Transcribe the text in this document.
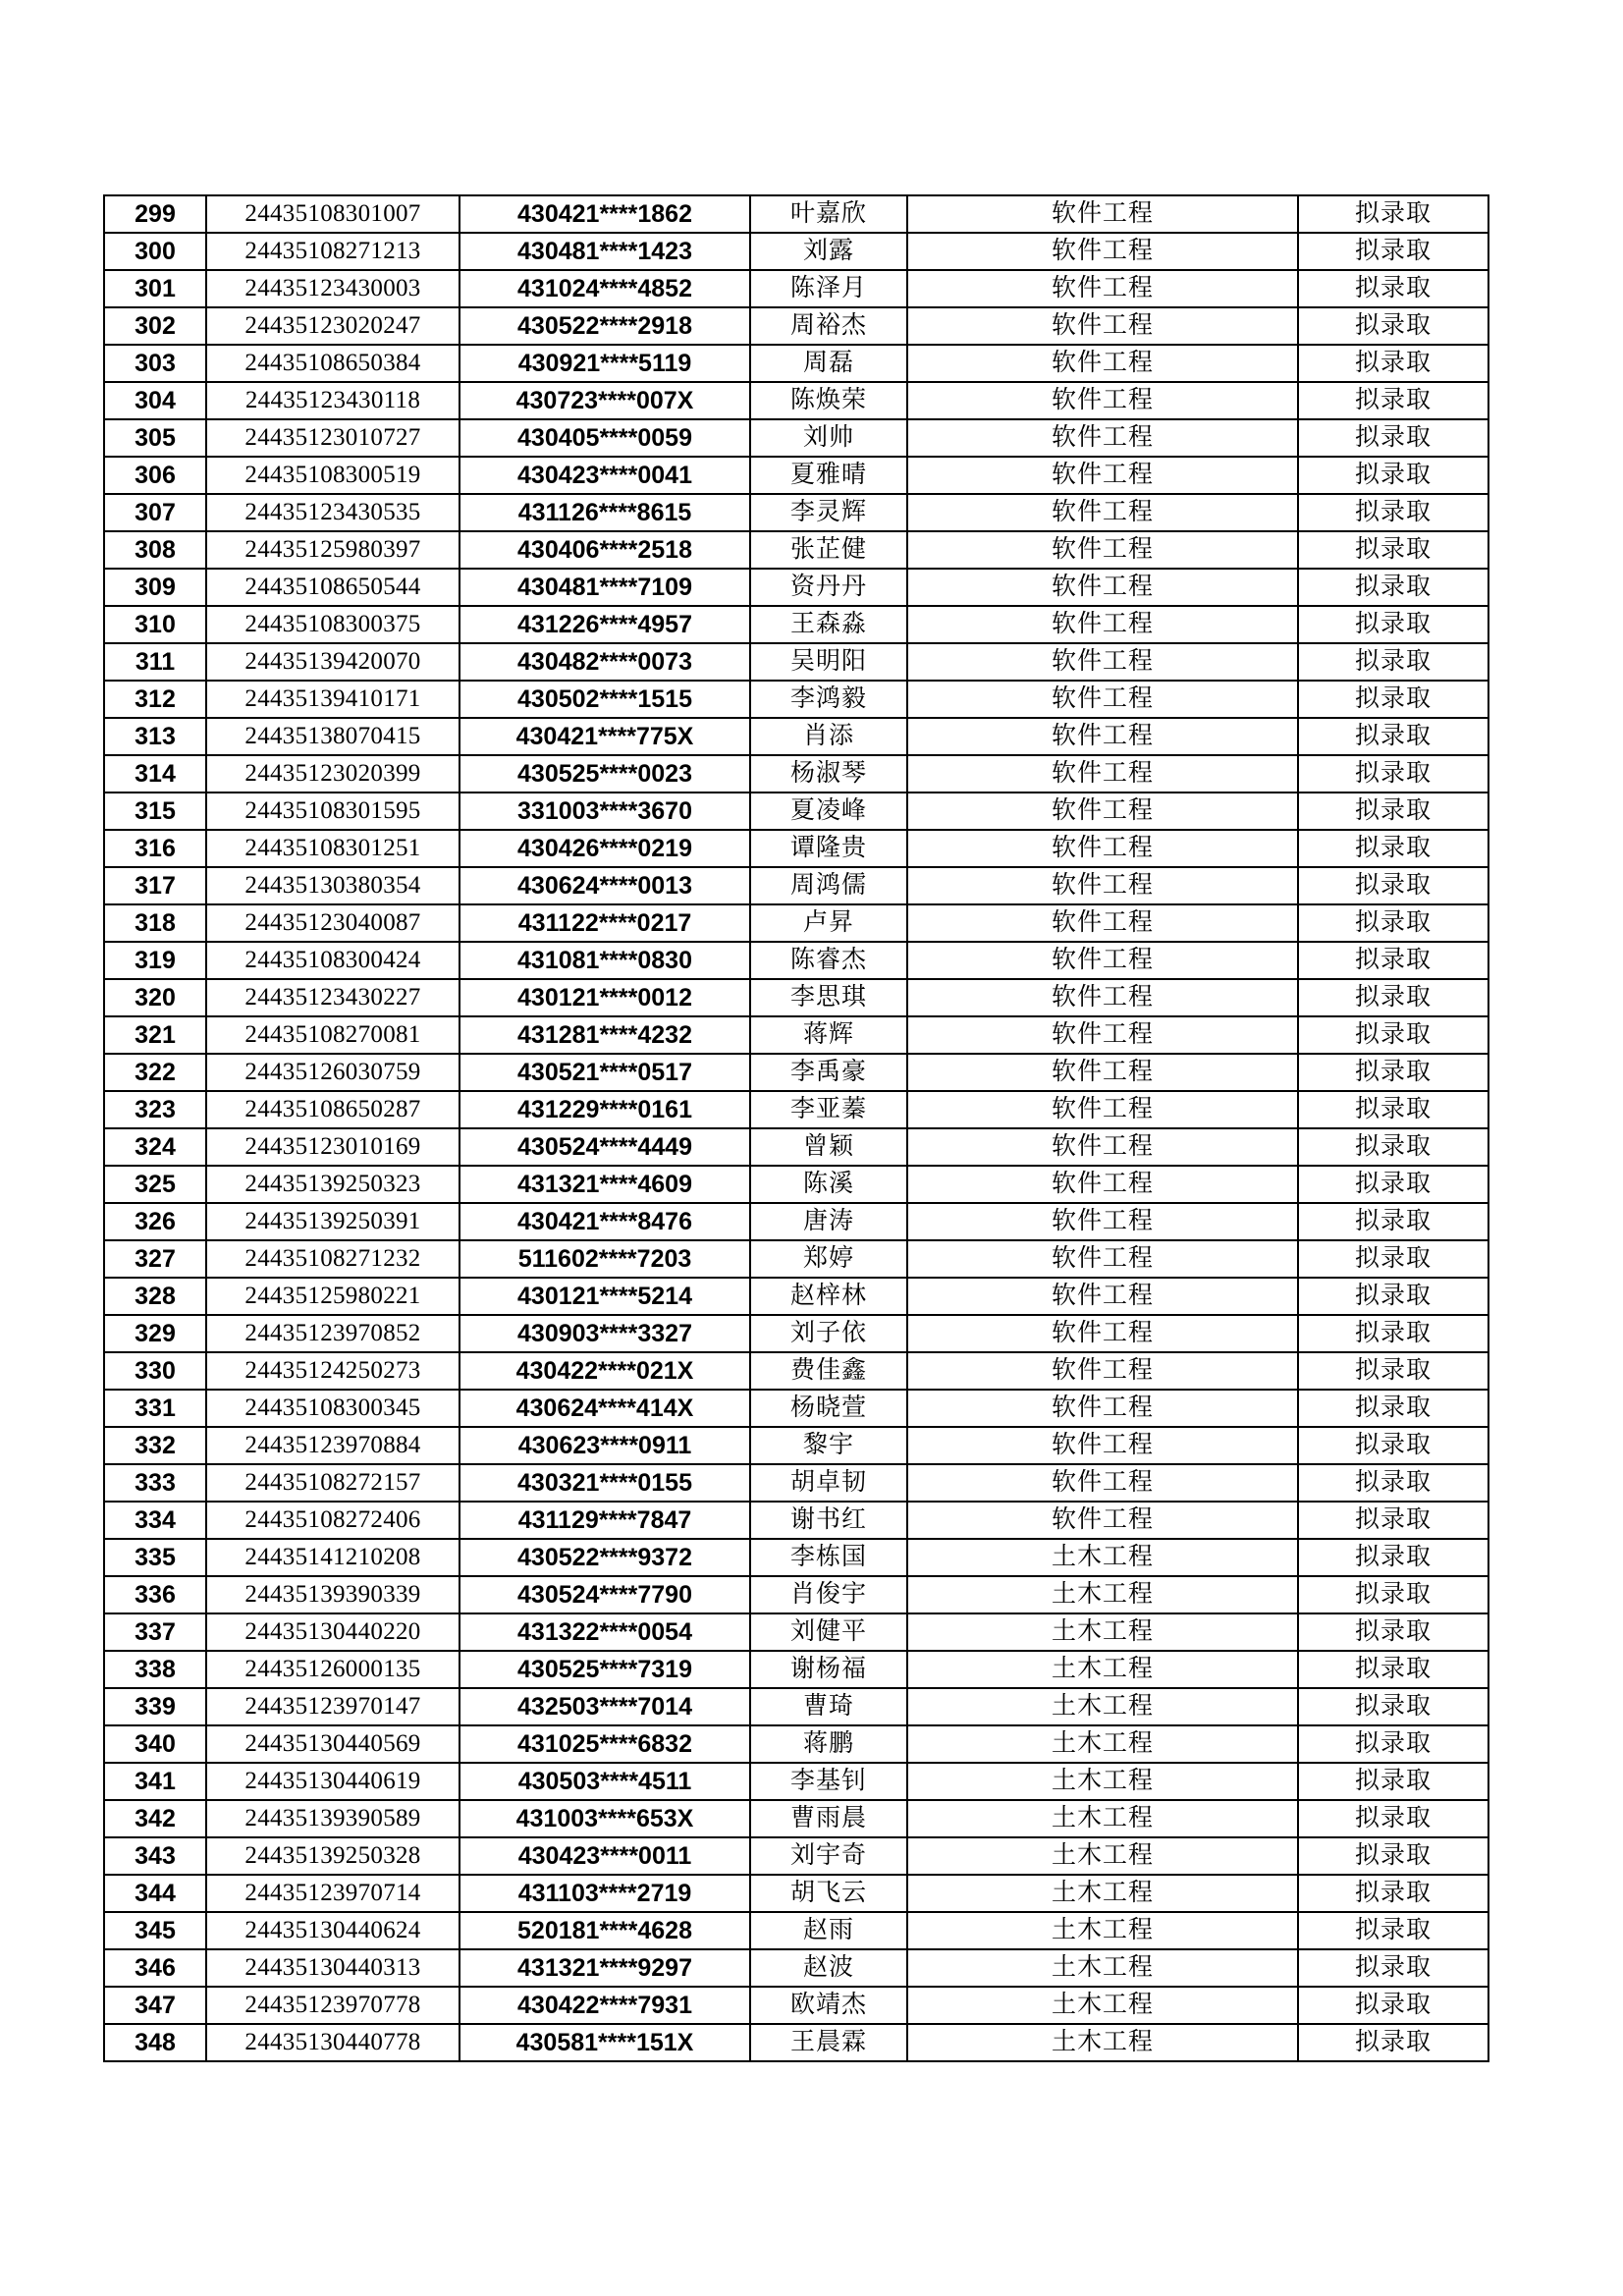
299	24435108301007	430421****1862	叶嘉欣	软件工程	拟录取
300	24435108271213	430481****1423	刘露	软件工程	拟录取
301	24435123430003	431024****4852	陈泽月	软件工程	拟录取
302	24435123020247	430522****2918	周裕杰	软件工程	拟录取
303	24435108650384	430921****5119	周磊	软件工程	拟录取
304	24435123430118	430723****007X	陈焕荣	软件工程	拟录取
305	24435123010727	430405****0059	刘帅	软件工程	拟录取
306	24435108300519	430423****0041	夏雅晴	软件工程	拟录取
307	24435123430535	431126****8615	李灵辉	软件工程	拟录取
308	24435125980397	430406****2518	张芷健	软件工程	拟录取
309	24435108650544	430481****7109	资丹丹	软件工程	拟录取
310	24435108300375	431226****4957	王森淼	软件工程	拟录取
311	24435139420070	430482****0073	吴明阳	软件工程	拟录取
312	24435139410171	430502****1515	李鸿毅	软件工程	拟录取
313	24435138070415	430421****775X	肖添	软件工程	拟录取
314	24435123020399	430525****0023	杨淑琴	软件工程	拟录取
315	24435108301595	331003****3670	夏凌峰	软件工程	拟录取
316	24435108301251	430426****0219	谭隆贵	软件工程	拟录取
317	24435130380354	430624****0013	周鸿儒	软件工程	拟录取
318	24435123040087	431122****0217	卢昇	软件工程	拟录取
319	24435108300424	431081****0830	陈睿杰	软件工程	拟录取
320	24435123430227	430121****0012	李思琪	软件工程	拟录取
321	24435108270081	431281****4232	蒋辉	软件工程	拟录取
322	24435126030759	430521****0517	李禹豪	软件工程	拟录取
323	24435108650287	431229****0161	李亚蓁	软件工程	拟录取
324	24435123010169	430524****4449	曾颖	软件工程	拟录取
325	24435139250323	431321****4609	陈溪	软件工程	拟录取
326	24435139250391	430421****8476	唐涛	软件工程	拟录取
327	24435108271232	511602****7203	郑婷	软件工程	拟录取
328	24435125980221	430121****5214	赵梓林	软件工程	拟录取
329	24435123970852	430903****3327	刘子依	软件工程	拟录取
330	24435124250273	430422****021X	费佳鑫	软件工程	拟录取
331	24435108300345	430624****414X	杨晓萱	软件工程	拟录取
332	24435123970884	430623****0911	黎宇	软件工程	拟录取
333	24435108272157	430321****0155	胡卓韧	软件工程	拟录取
334	24435108272406	431129****7847	谢书红	软件工程	拟录取
335	24435141210208	430522****9372	李栋国	土木工程	拟录取
336	24435139390339	430524****7790	肖俊宇	土木工程	拟录取
337	24435130440220	431322****0054	刘健平	土木工程	拟录取
338	24435126000135	430525****7319	谢杨福	土木工程	拟录取
339	24435123970147	432503****7014	曹琦	土木工程	拟录取
340	24435130440569	431025****6832	蒋鹏	土木工程	拟录取
341	24435130440619	430503****4511	李基钊	土木工程	拟录取
342	24435139390589	431003****653X	曹雨晨	土木工程	拟录取
343	24435139250328	430423****0011	刘宇奇	土木工程	拟录取
344	24435123970714	431103****2719	胡飞云	土木工程	拟录取
345	24435130440624	520181****4628	赵雨	土木工程	拟录取
346	24435130440313	431321****9297	赵波	土木工程	拟录取
347	24435123970778	430422****7931	欧靖杰	土木工程	拟录取
348	24435130440778	430581****151X	王晨霖	土木工程	拟录取
